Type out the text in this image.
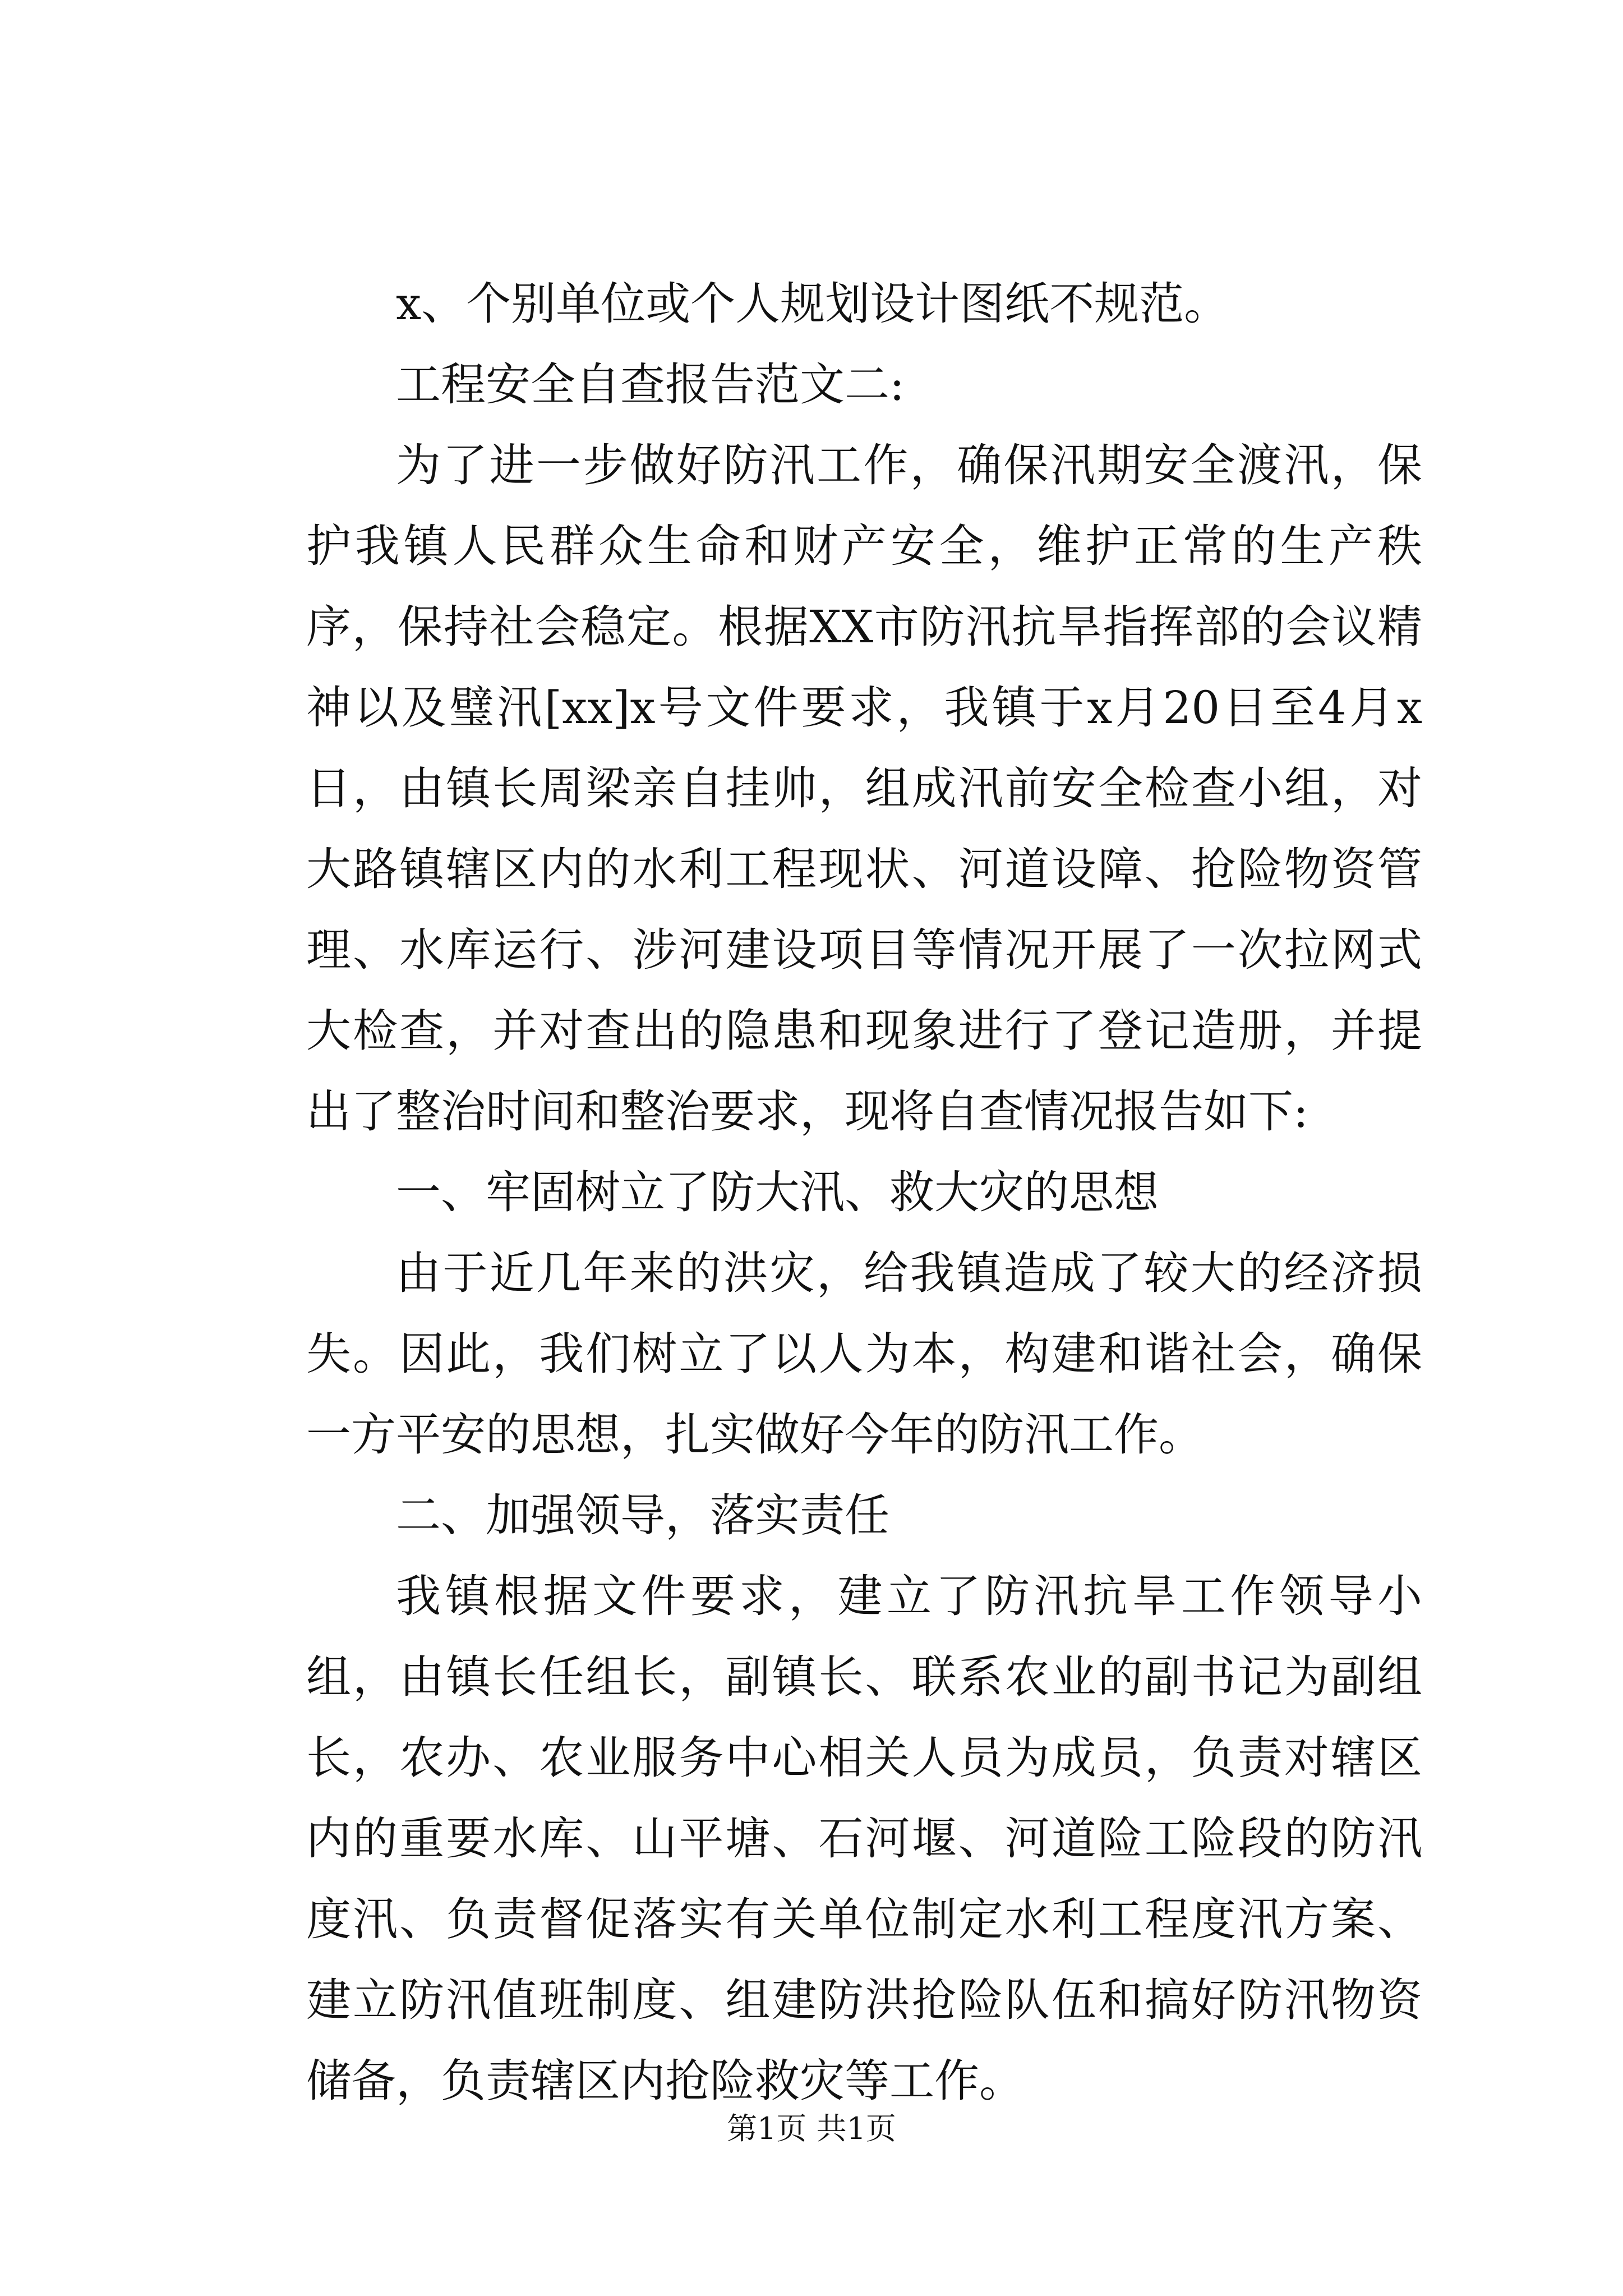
x、个别单位或个人规划设计图纸不规范。

工程安全自查报告范文二:

为了进一步做好防汛工作，确保汛期安全渡汛，保护我镇人民群众生命和财产安全，维护正常的生产秩序，保持社会稳定。根据XX市防汛抗旱指挥部的会议精神以及璧汛[xx]x号文件要求，我镇于x月20日至4月x日，由镇长周梁亲自挂帅，组成汛前安全检查小组，对大路镇辖区内的水利工程现状、河道设障、抢险物资管理、水库运行、涉河建设项目等情况开展了一次拉网式大检查，并对查出的隐患和现象进行了登记造册，并提出了整治时间和整治要求，现将自查情况报告如下:

一、牢固树立了防大汛、救大灾的思想

由于近几年来的洪灾，给我镇造成了较大的经济损失。因此，我们树立了以人为本，构建和谐社会，确保一方平安的思想，扎实做好今年的防汛工作。

二、加强领导，落实责任

我镇根据文件要求，建立了防汛抗旱工作领导小组，由镇长任组长，副镇长、联系农业的副书记为副组长，农办、农业服务中心相关人员为成员，负责对辖区内的重要水库、山平塘、石河堰、河道险工险段的防汛度汛、负责督促落实有关单位制定水利工程度汛方案、建立防汛值班制度、组建防洪抢险队伍和搞好防汛物资储备，负责辖区内抢险救灾等工作。

第1页 共1页
